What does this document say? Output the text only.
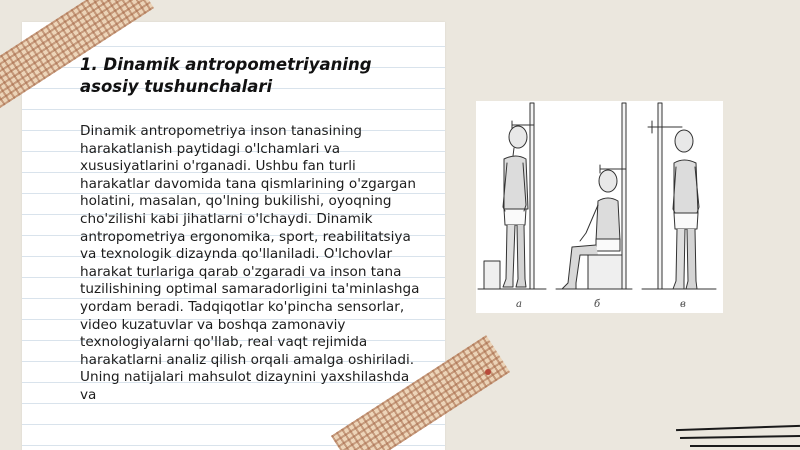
1. Dinamik antropometriyaning asosiy tushunchalari

Dinamik antropometriya inson tanasining harakatlanish paytidagi o'lchamlari va xususiyatlarini o'rganadi. Ushbu fan turli harakatlar davomida tana qismlarining o'zgargan holatini, masalan, qo'lning bukilishi, oyoqning cho'zilishi kabi jihatlarni o'lchaydi. Dinamik antropometriya ergonomika, sport, reabilitatsiya va texnologik dizaynda qo'llaniladi. O'lchovlar harakat turlariga qarab o'zgaradi va inson tana tuzilishining optimal samaradorligini ta'minlashga yordam beradi. Tadqiqotlar ko'pincha sensorlar, video kuzatuvlar va boshqa zamonaviy texnologiyalarni qo'llab, real vaqt rejimida harakatlarni analiz qilish orqali amalga oshiriladi. Uning natijalari mahsulot dizaynini yaxshilashda va

а	б	в
